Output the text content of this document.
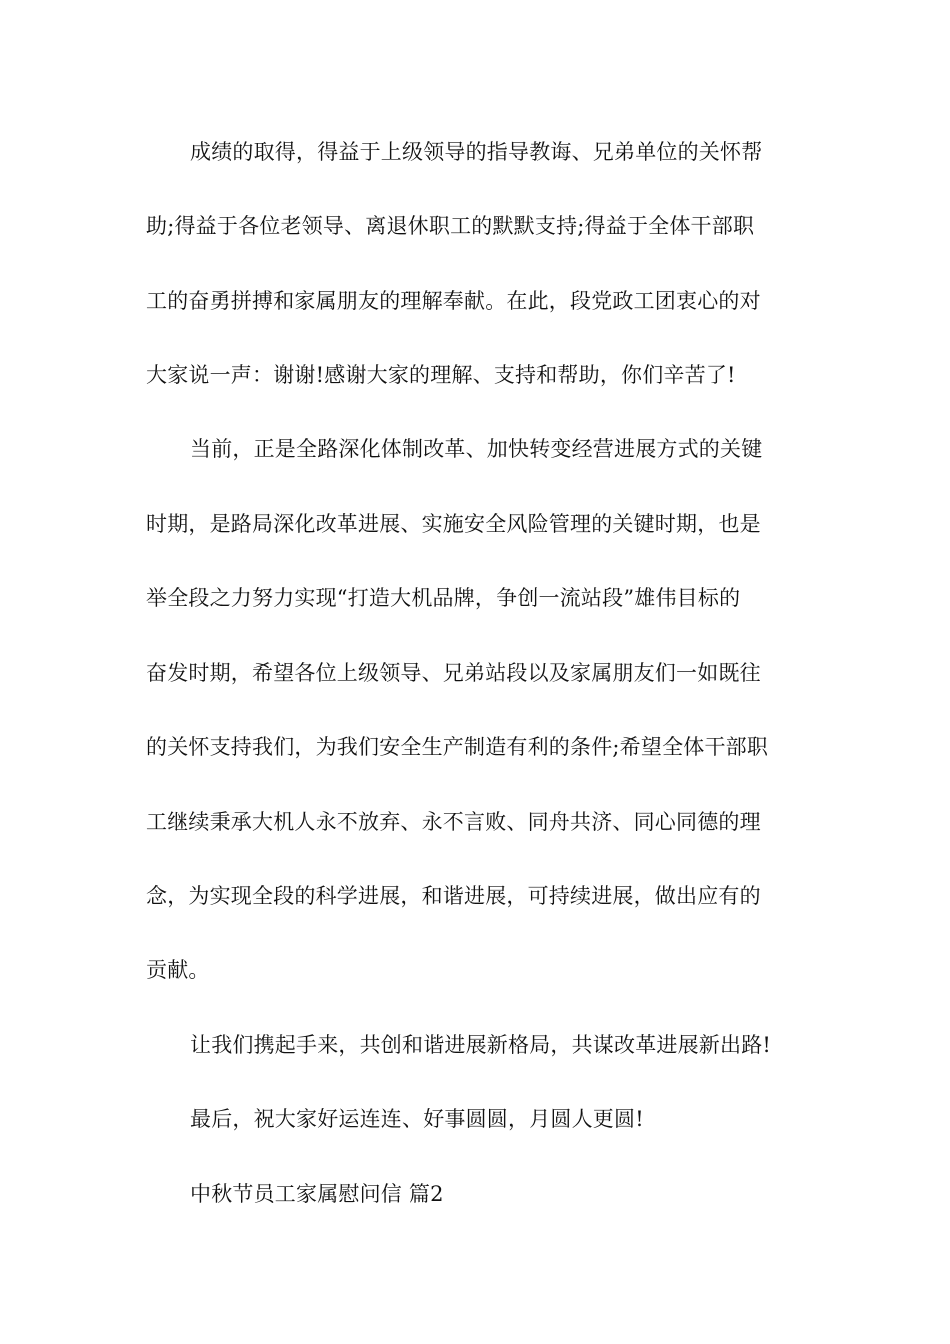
成绩的取得，得益于上级领导的指导教诲、兄弟单位的关怀帮
助;得益于各位老领导、离退休职工的默默支持;得益于全体干部职
工的奋勇拼搏和家属朋友的理解奉献。在此，段党政工团衷心的对
大家说一声：谢谢!感谢大家的理解、支持和帮助，你们辛苦了!
当前，正是全路深化体制改革、加快转变经营进展方式的关键
时期，是路局深化改革进展、实施安全风险管理的关键时期，也是
举全段之力努力实现“打造大机品牌，争创一流站段”雄伟目标的
奋发时期，希望各位上级领导、兄弟站段以及家属朋友们一如既往
的关怀支持我们，为我们安全生产制造有利的条件;希望全体干部职
工继续秉承大机人永不放弃、永不言败、同舟共济、同心同德的理
念，为实现全段的科学进展，和谐进展，可持续进展，做出应有的
贡献。
让我们携起手来，共创和谐进展新格局，共谋改革进展新出路!
最后，祝大家好运连连、好事圆圆，月圆人更圆!
中秋节员工家属慰问信 篇2
